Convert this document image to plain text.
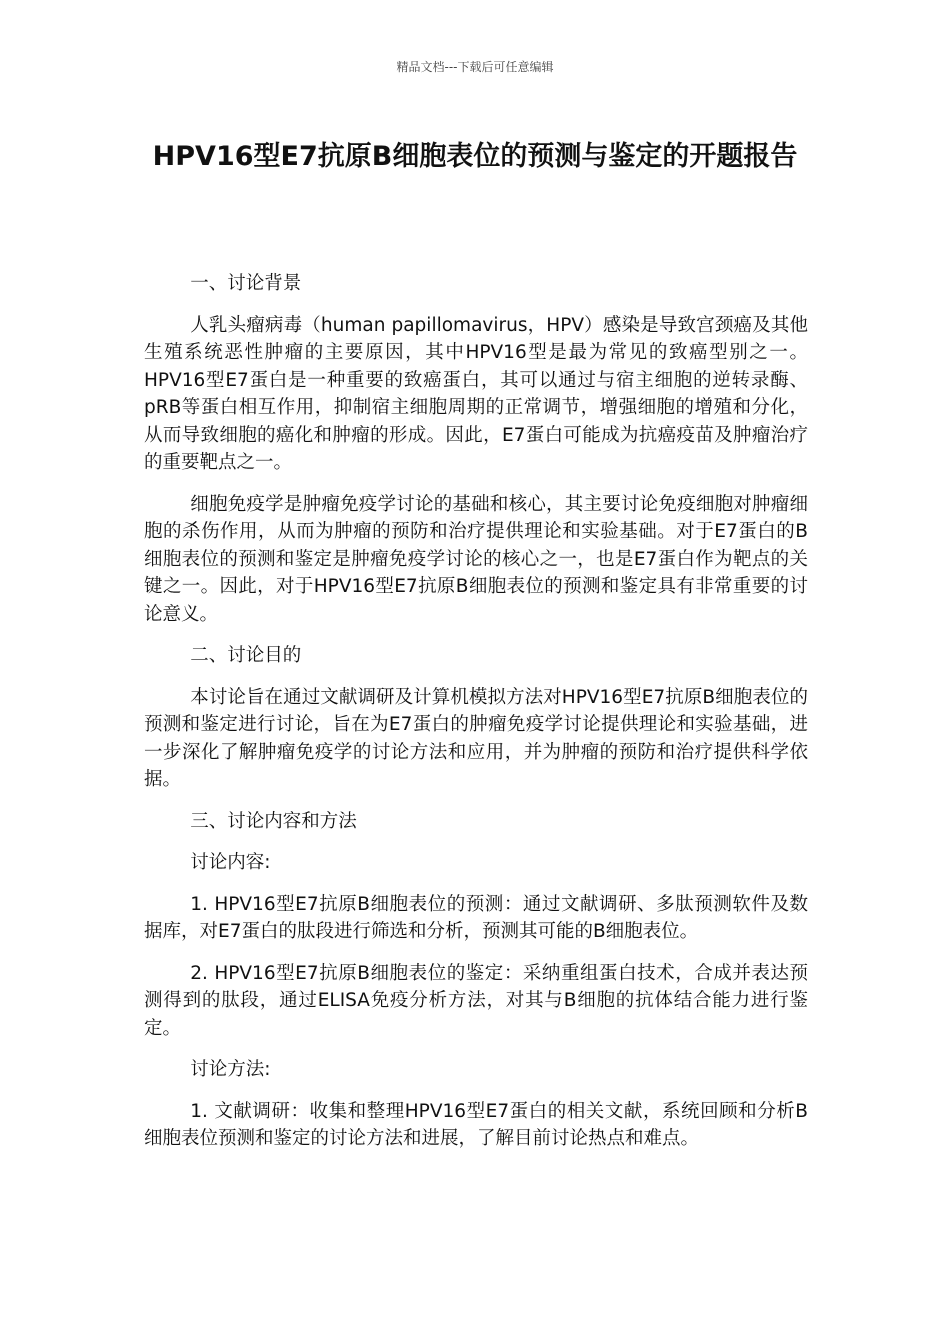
精品文档---下载后可任意编辑
HPV16型E7抗原B细胞表位的预测与鉴定的开题报告

一、讨论背景

人乳头瘤病毒（human papillomavirus，HPV）感染是导致宫颈癌及其他生殖系统恶性肿瘤的主要原因，其中HPV16型是最为常见的致癌型别之一。HPV16型E7蛋白是一种重要的致癌蛋白，其可以通过与宿主细胞的逆转录酶、pRB等蛋白相互作用，抑制宿主细胞周期的正常调节，增强细胞的增殖和分化，从而导致细胞的癌化和肿瘤的形成。因此，E7蛋白可能成为抗癌疫苗及肿瘤治疗的重要靶点之一。

细胞免疫学是肿瘤免疫学讨论的基础和核心，其主要讨论免疫细胞对肿瘤细胞的杀伤作用，从而为肿瘤的预防和治疗提供理论和实验基础。对于E7蛋白的B细胞表位的预测和鉴定是肿瘤免疫学讨论的核心之一，也是E7蛋白作为靶点的关键之一。因此，对于HPV16型E7抗原B细胞表位的预测和鉴定具有非常重要的讨论意义。

二、讨论目的

本讨论旨在通过文献调研及计算机模拟方法对HPV16型E7抗原B细胞表位的预测和鉴定进行讨论，旨在为E7蛋白的肿瘤免疫学讨论提供理论和实验基础，进一步深化了解肿瘤免疫学的讨论方法和应用，并为肿瘤的预防和治疗提供科学依据。

三、讨论内容和方法

讨论内容:

1. HPV16型E7抗原B细胞表位的预测：通过文献调研、多肽预测软件及数据库，对E7蛋白的肽段进行筛选和分析，预测其可能的B细胞表位。

2. HPV16型E7抗原B细胞表位的鉴定：采纳重组蛋白技术，合成并表达预测得到的肽段，通过ELISA免疫分析方法，对其与B细胞的抗体结合能力进行鉴定。

讨论方法:

1. 文献调研：收集和整理HPV16型E7蛋白的相关文献，系统回顾和分析B细胞表位预测和鉴定的讨论方法和进展，了解目前讨论热点和难点。
